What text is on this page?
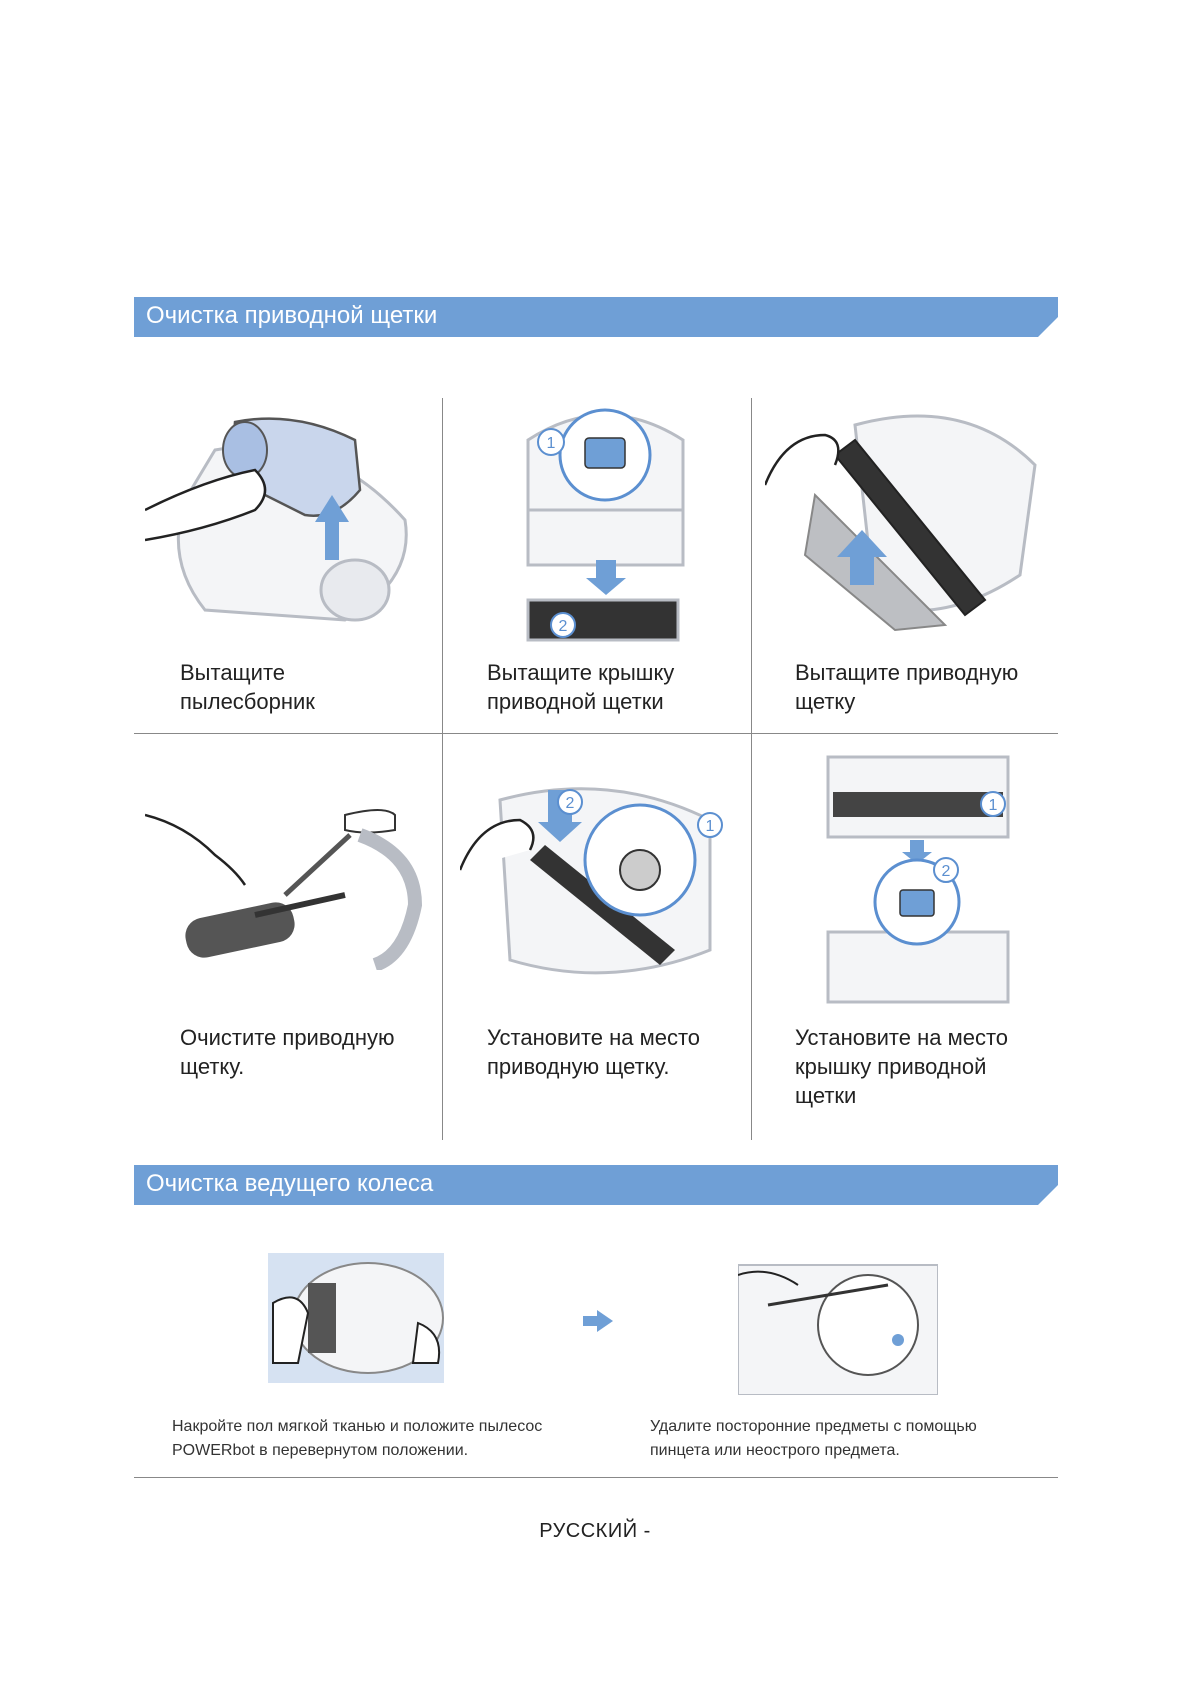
Очистка приводной щетки
Вытащите пылесборник
1
2
Вытащите крышку приводной щетки
Вытащите приводную щетку
Очистите приводную щетку.
2
1
Установите на место приводную щетку.
1
2
Установите на место крышку приводной щетки
Очистка ведущего колеса
Накройте пол мягкой тканью и положите пылесос POWERbot в перевернутом положении.
Удалите посторонние предметы с помощью пинцета или неострого предмета.
РУССКИЙ -
